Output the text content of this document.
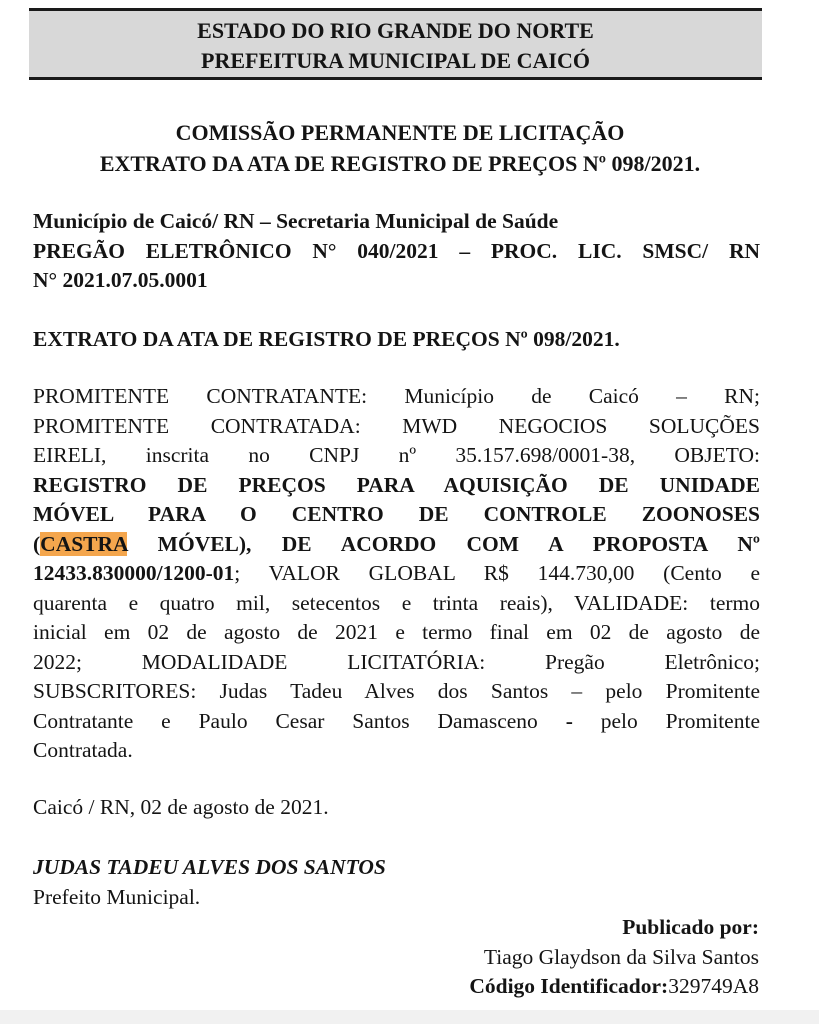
ESTADO DO RIO GRANDE DO NORTE
PREFEITURA MUNICIPAL DE CAICÓ
COMISSÃO PERMANENTE DE LICITAÇÃO
EXTRATO DA ATA DE REGISTRO DE PREÇOS Nº 098/2021.
Município de Caicó/ RN – Secretaria Municipal de Saúde
PREGÃO ELETRÔNICO N° 040/2021 – PROC. LIC. SMSC/ RN
N° 2021.07.05.0001
EXTRATO DA ATA DE REGISTRO DE PREÇOS Nº 098/2021.
PROMITENTE CONTRATANTE: Município de Caicó – RN;
PROMITENTE CONTRATADA: MWD NEGOCIOS SOLUÇÕES
EIRELI, inscrita no CNPJ nº 35.157.698/0001-38, OBJETO:
REGISTRO DE PREÇOS PARA AQUISIÇÃO DE UNIDADE
MÓVEL PARA O CENTRO DE CONTROLE ZOONOSES
(CASTRA MÓVEL), DE ACORDO COM A PROPOSTA Nº
12433.830000/1200-01; VALOR GLOBAL R$ 144.730,00 (Cento e
quarenta e quatro mil, setecentos e trinta reais), VALIDADE: termo
inicial em 02 de agosto de 2021 e termo final em 02 de agosto de
2022; MODALIDADE LICITATÓRIA: Pregão Eletrônico;
SUBSCRITORES: Judas Tadeu Alves dos Santos – pelo Promitente
Contratante e Paulo Cesar Santos Damasceno - pelo Promitente
Contratada.
Caicó / RN, 02 de agosto de 2021.
JUDAS TADEU ALVES DOS SANTOS
Prefeito Municipal.
Publicado por:
Tiago Glaydson da Silva Santos
Código Identificador:329749A8
